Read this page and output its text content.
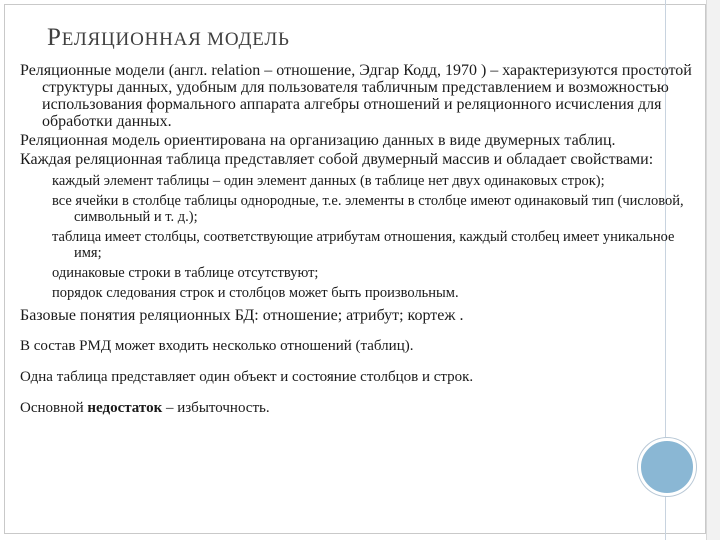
РЕЛЯЦИОННАЯ МОДЕЛЬ

Реляционные модели (англ. relation – отношение, Эдгар Кодд, 1970 ) – характеризуются простотой структуры данных, удобным для пользователя табличным представлением и возможностью использования формального аппарата алгебры отношений и реляционного исчисления для обработки данных.

Реляционная модель ориентирована на организацию данных в виде двумерных таблиц.

Каждая реляционная таблица представляет собой двумерный массив и обладает свойствами:

каждый элемент таблицы – один элемент данных (в таблице нет двух одинаковых строк);

все ячейки в столбце таблицы однородные, т.е. элементы в столбце имеют одинаковый тип (числовой, символьный и т. д.);

таблица имеет столбцы, соответствующие атрибутам отношения, каждый столбец имеет уникальное имя;

одинаковые строки в таблице отсутствуют;

порядок следования строк и столбцов может быть произвольным.

Базовые понятия реляционных БД: отношение; атрибут; кортеж .

В состав РМД может входить несколько отношений (таблиц).

Одна таблица представляет один объект и состояние столбцов и строк.

Основной недостаток – избыточность.
